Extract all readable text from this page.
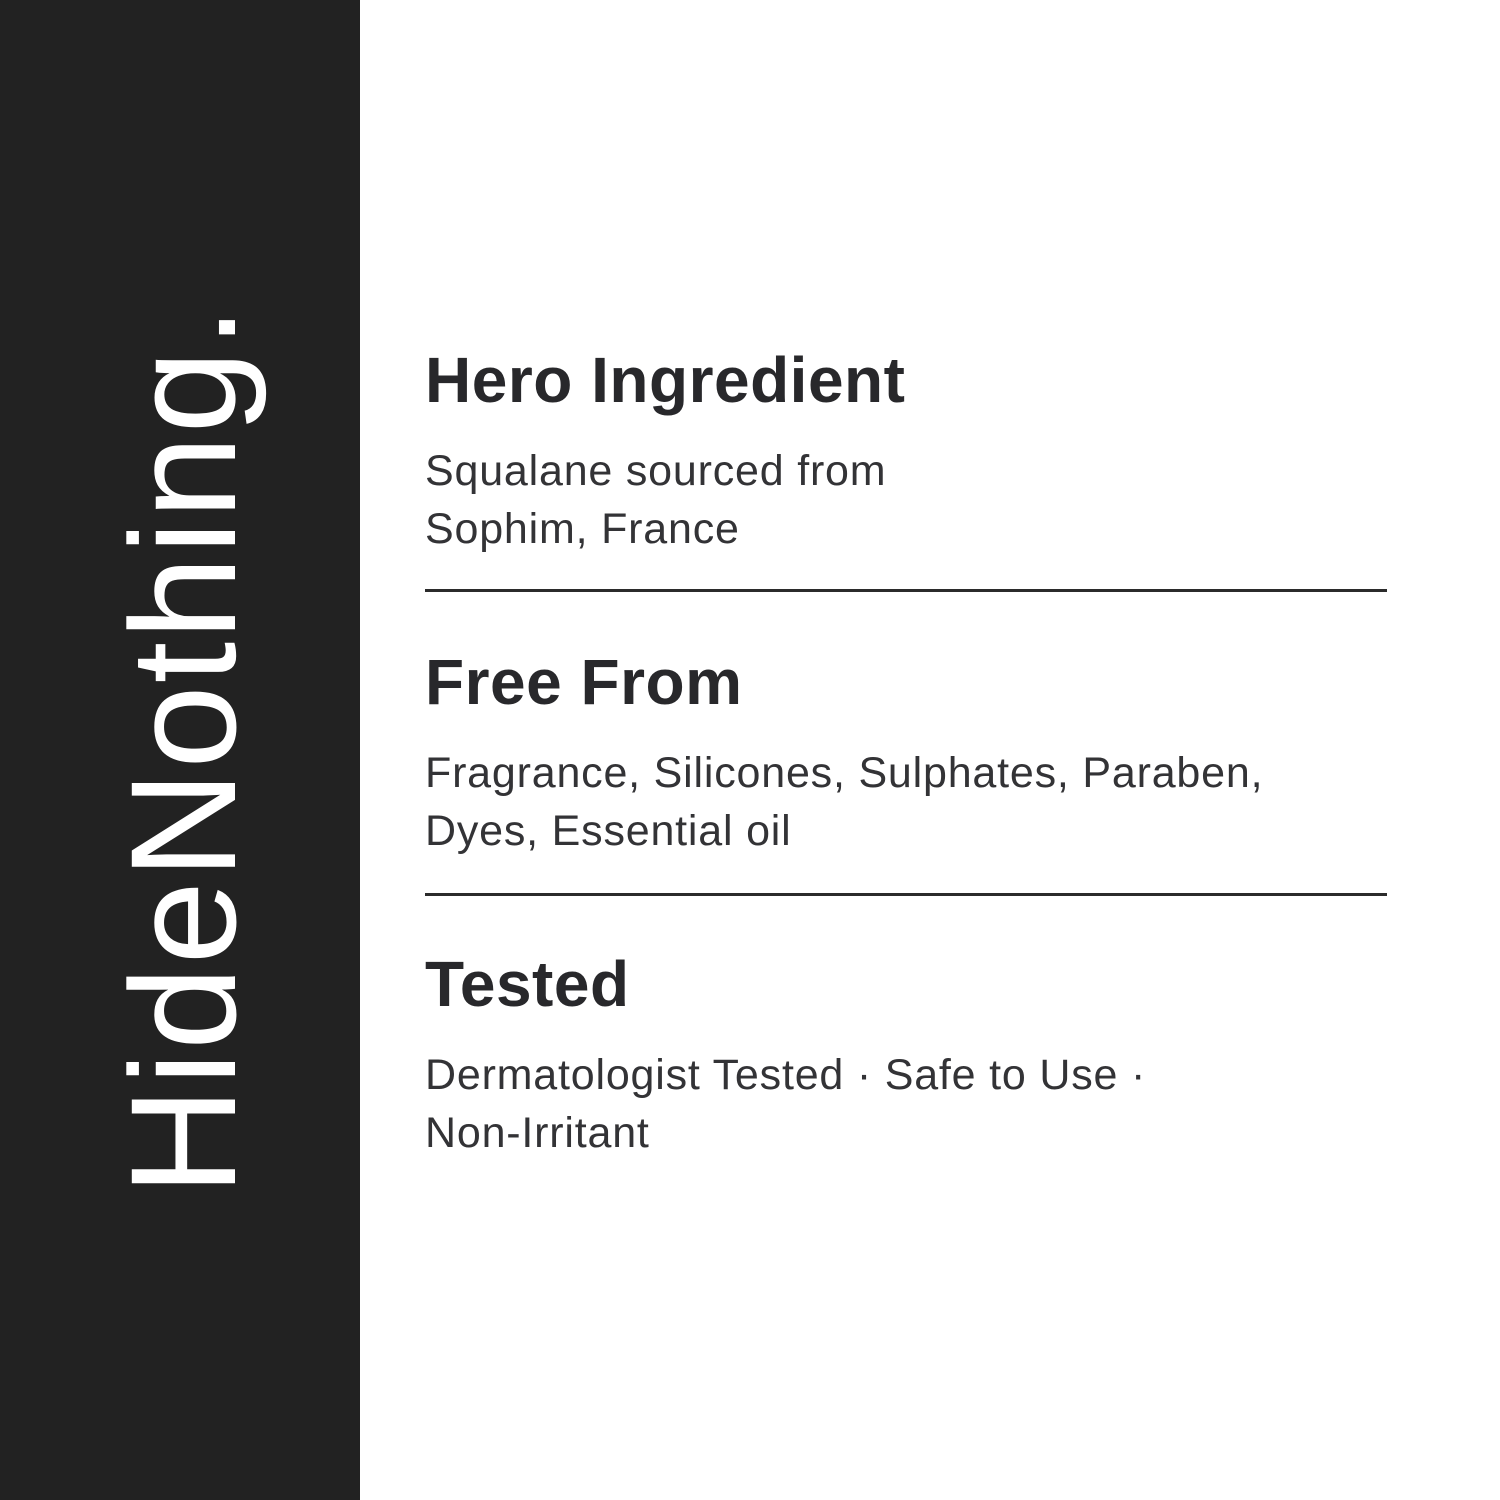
HideNothing. Hero Ingredient
Squalane sourced from
Sophim, France
Free From
Fragrance, Silicones, Sulphates, Paraben,
Dyes, Essential oil
Tested
Dermatologist Tested · Safe to Use ·
Non-Irritant
